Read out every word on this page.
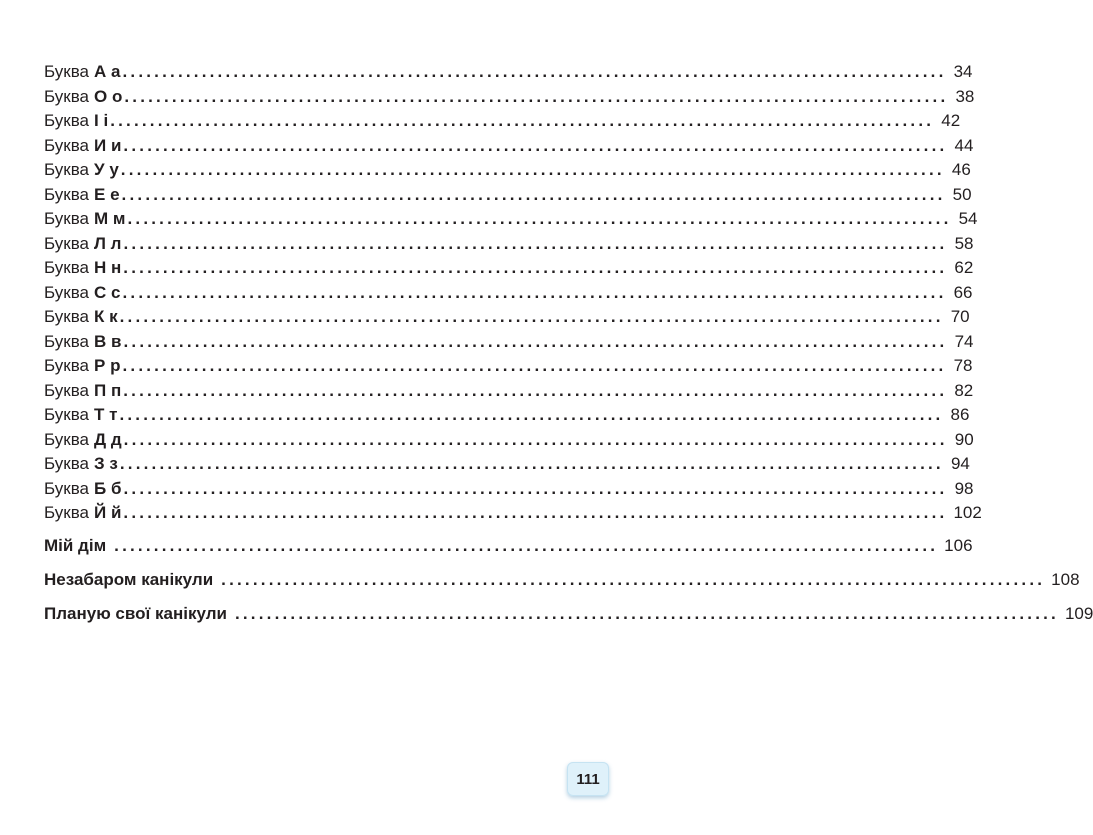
Буква А а ........................................................................................................ 34
Буква О о ........................................................................................................ 38
Буква І і ........................................................................................................ 42
Буква И и ........................................................................................................ 44
Буква У у ........................................................................................................ 46
Буква Е е ........................................................................................................ 50
Буква М м ........................................................................................................ 54
Буква Л л ........................................................................................................ 58
Буква Н н ........................................................................................................ 62
Буква С с ........................................................................................................ 66
Буква К к ........................................................................................................ 70
Буква В в ........................................................................................................ 74
Буква Р р ........................................................................................................ 78
Буква П п ........................................................................................................ 82
Буква Т т ........................................................................................................ 86
Буква Д д ........................................................................................................ 90
Буква З з ........................................................................................................ 94
Буква Б б ........................................................................................................ 98
Буква Й й ........................................................................................................ 102
Мій дім ........................................................................................................ 106
Незабаром канікули ........................................................................................................ 108
Планую свої канікули ........................................................................................................ 109
111
